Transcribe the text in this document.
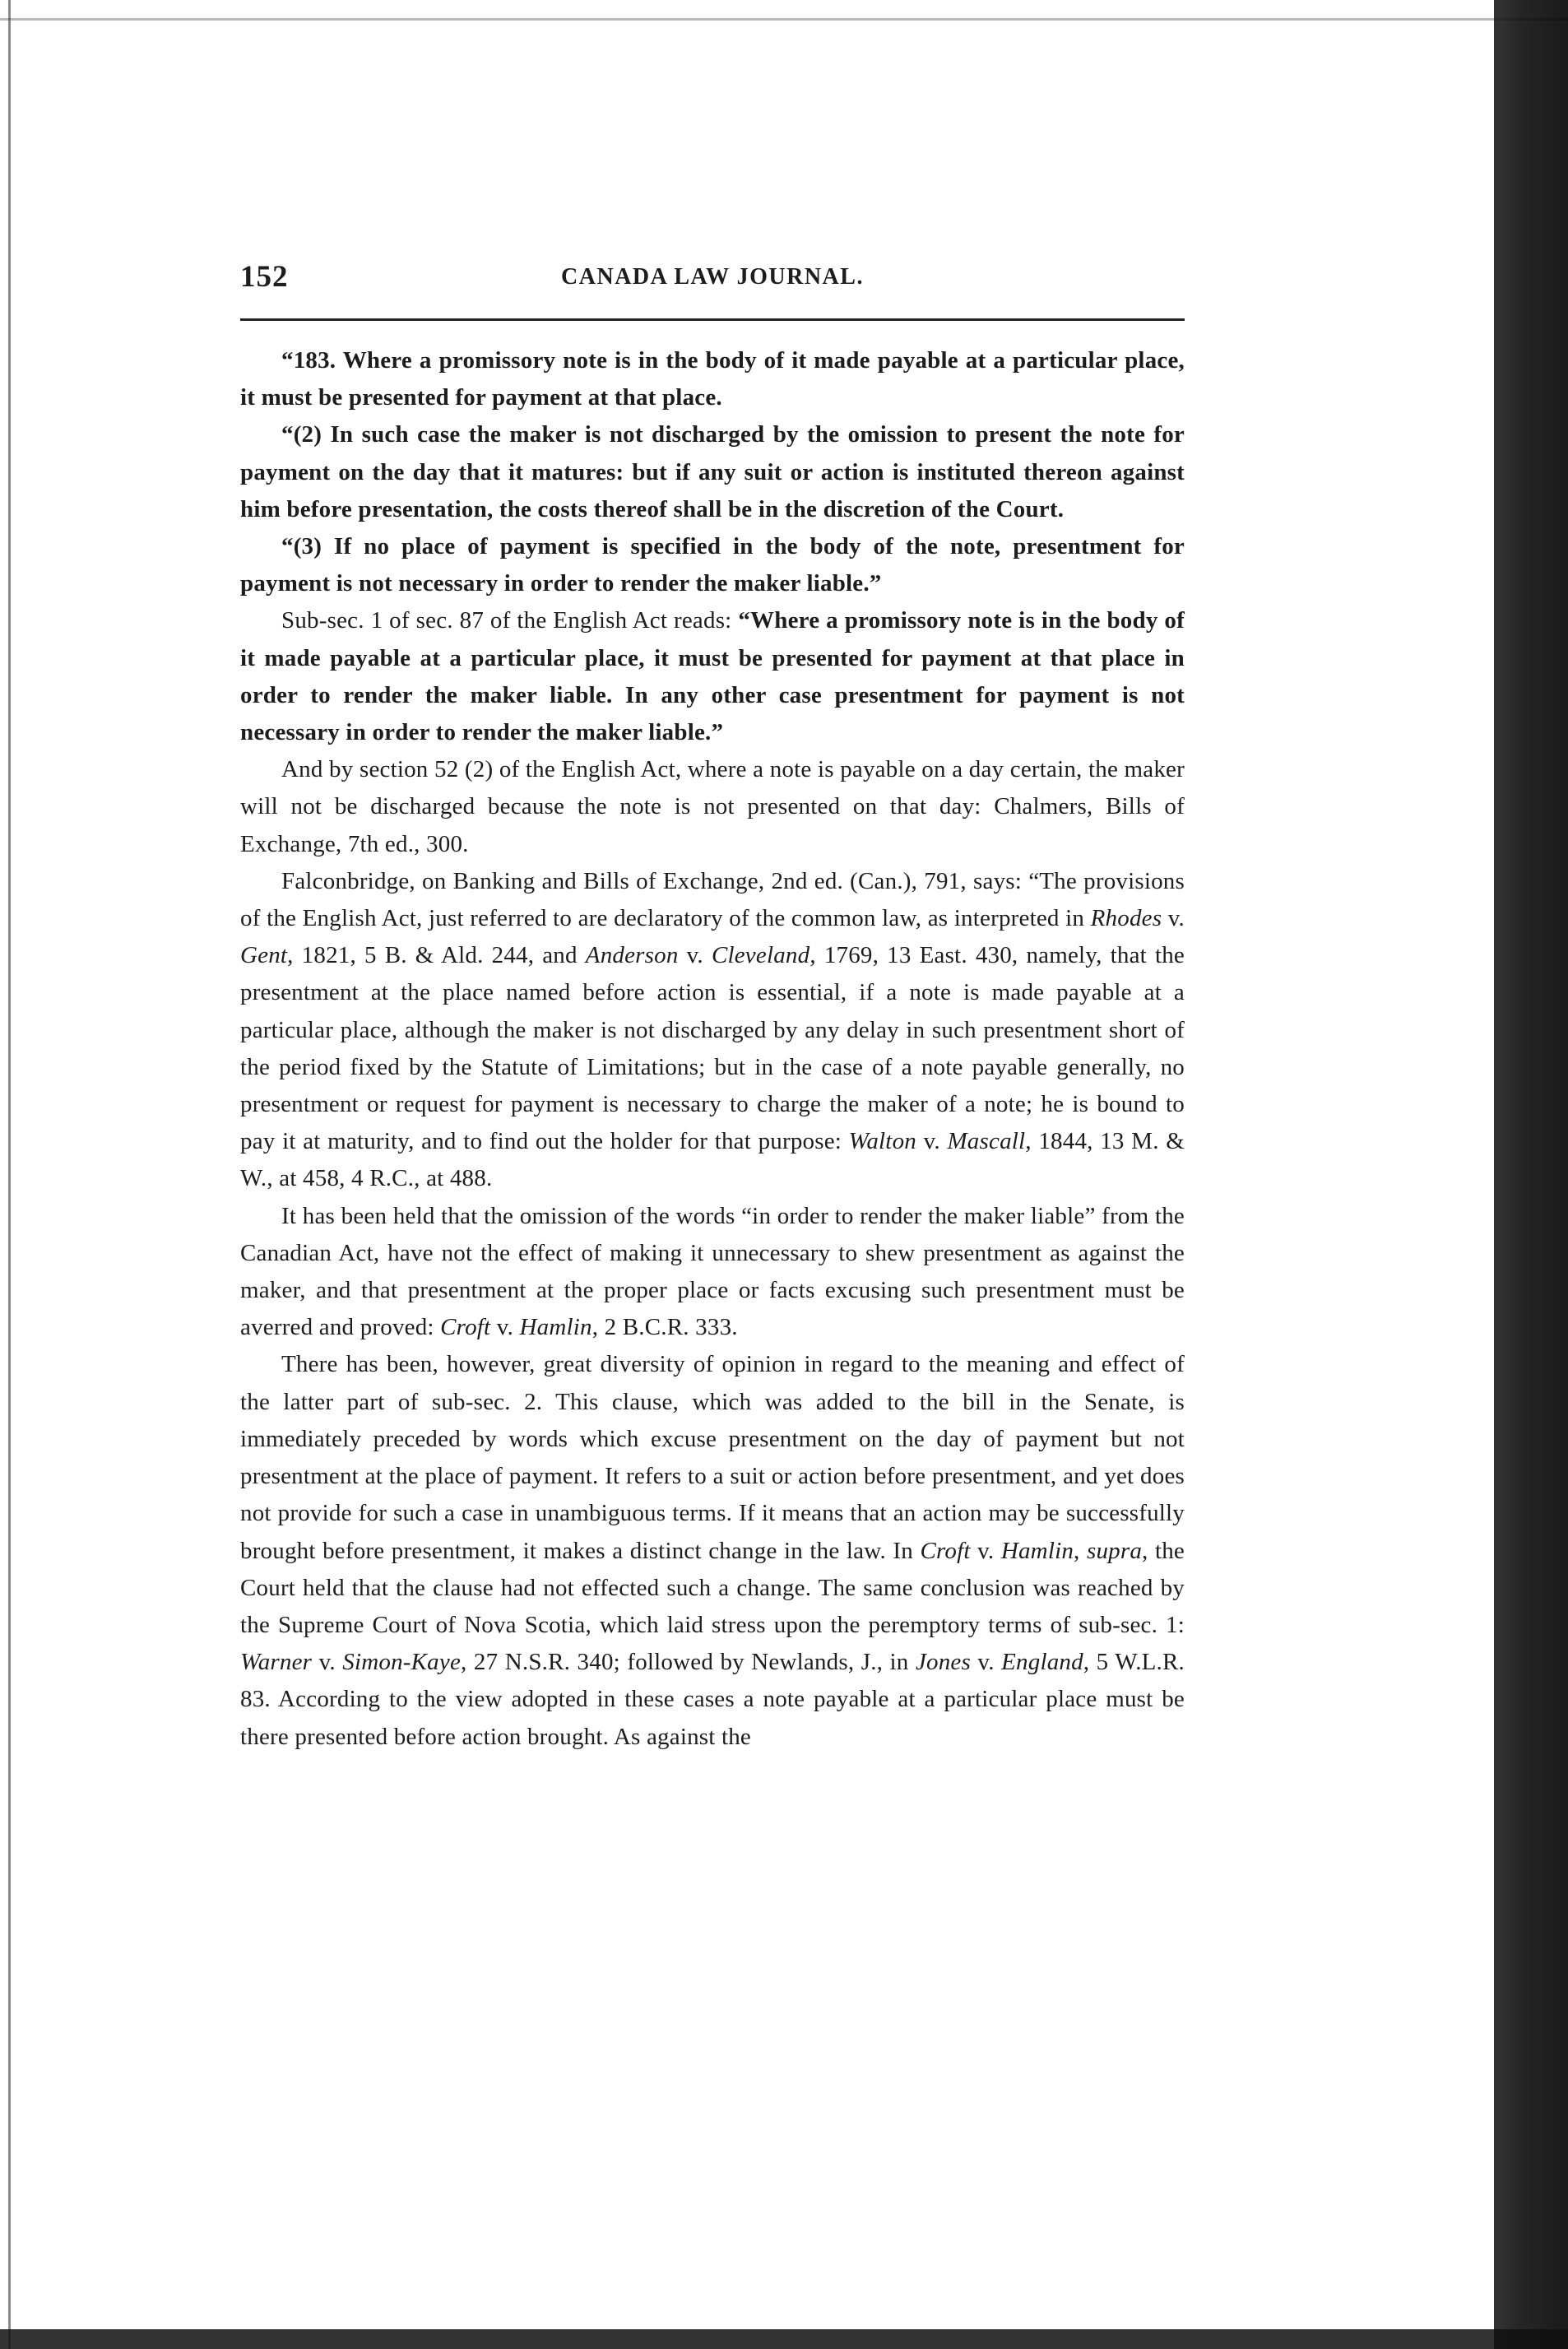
152	CANADA LAW JOURNAL.

“183. Where a promissory note is in the body of it made payable at a particular place, it must be presented for payment at that place.

“(2) In such case the maker is not discharged by the omission to present the note for payment on the day that it matures: but if any suit or action is instituted thereon against him before presentation, the costs thereof shall be in the discretion of the Court.

“(3) If no place of payment is specified in the body of the note, presentment for payment is not necessary in order to render the maker liable.”

Sub-sec. 1 of sec. 87 of the English Act reads: “Where a promissory note is in the body of it made payable at a particular place, it must be presented for payment at that place in order to render the maker liable. In any other case presentment for payment is not necessary in order to render the maker liable.”

And by section 52 (2) of the English Act, where a note is payable on a day certain, the maker will not be discharged because the note is not presented on that day: Chalmers, Bills of Exchange, 7th ed., 300.

Falconbridge, on Banking and Bills of Exchange, 2nd ed. (Can.), 791, says: “The provisions of the English Act, just referred to are declaratory of the common law, as interpreted in Rhodes v. Gent, 1821, 5 B. & Ald. 244, and Anderson v. Cleveland, 1769, 13 East. 430, namely, that the presentment at the place named before action is essential, if a note is made payable at a particular place, although the maker is not discharged by any delay in such presentment short of the period fixed by the Statute of Limitations; but in the case of a note payable generally, no presentment or request for payment is necessary to charge the maker of a note; he is bound to pay it at maturity, and to find out the holder for that purpose: Walton v. Mascall, 1844, 13 M. & W., at 458, 4 R.C., at 488.

It has been held that the omission of the words “in order to render the maker liable” from the Canadian Act, have not the effect of making it unnecessary to shew presentment as against the maker, and that presentment at the proper place or facts excusing such presentment must be averred and proved: Croft v. Hamlin, 2 B.C.R. 333.

There has been, however, great diversity of opinion in regard to the meaning and effect of the latter part of sub-sec. 2. This clause, which was added to the bill in the Senate, is immediately preceded by words which excuse presentment on the day of payment but not presentment at the place of payment. It refers to a suit or action before presentment, and yet does not provide for such a case in unambiguous terms. If it means that an action may be successfully brought before presentment, it makes a distinct change in the law. In Croft v. Hamlin, supra, the Court held that the clause had not effected such a change. The same conclusion was reached by the Supreme Court of Nova Scotia, which laid stress upon the peremptory terms of sub-sec. 1: Warner v. Simon-Kaye, 27 N.S.R. 340; followed by Newlands, J., in Jones v. England, 5 W.L.R. 83. According to the view adopted in these cases a note payable at a particular place must be there presented before action brought. As against the
